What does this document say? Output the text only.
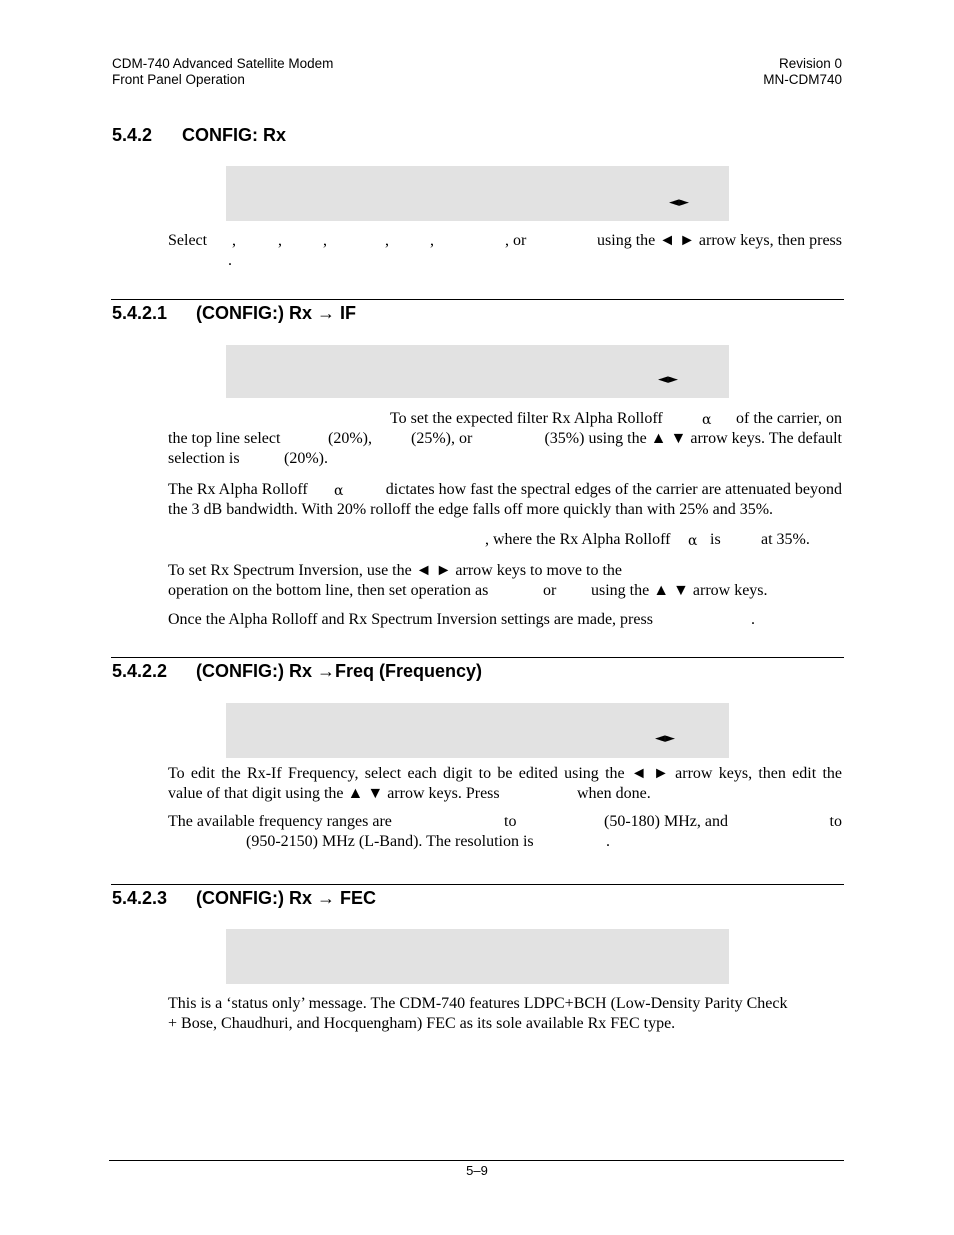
CDM-740 Advanced Satellite Modem
Front Panel Operation
Revision 0
MN-CDM740
5.4.2 CONFIG: Rx
◄►
Select ,	,	,	,	,	, or	using the ◄ ► arrow keys, then press
.
5.4.2.1 (CONFIG:) Rx → IF
◄►
To set the expected filter Rx Alpha Rolloff	α of the carrier, on
the top line select	(20%), (25%), or	(35%) using the ▲ ▼ arrow keys. The default
selection is	(20%).
The Rx Alpha Rolloff α	dictates how fast the spectral edges of the carrier are attenuated beyond
the 3 dB bandwidth. With 20% rolloff the edge falls off more quickly than with 25% and 35%.
, where the Rx Alpha Rolloff α is	at 35%.
To set Rx Spectrum Inversion, use the ◄ ► arrow keys to move to the
operation on the bottom line, then set operation as	or using the ▲ ▼ arrow keys.
Once the Alpha Rolloff and Rx Spectrum Inversion settings are made, press	.
5.4.2.2 (CONFIG:) Rx →Freq (Frequency)
◄►
To edit the Rx-If Frequency, select each digit to be edited using the ◄ ► arrow keys, then edit the
value of that digit using the ▲ ▼ arrow keys. Press	when done.
The available frequency ranges are	to	(50-180) MHz, and	to
(950-2150) MHz (L-Band). The resolution is	.
5.4.2.3 (CONFIG:) Rx → FEC
This is a ‘status only’ message. The CDM-740 features LDPC+BCH (Low-Density Parity Check
+ Bose, Chaudhuri, and Hocquengham) FEC as its sole available Rx FEC type.
5–9
